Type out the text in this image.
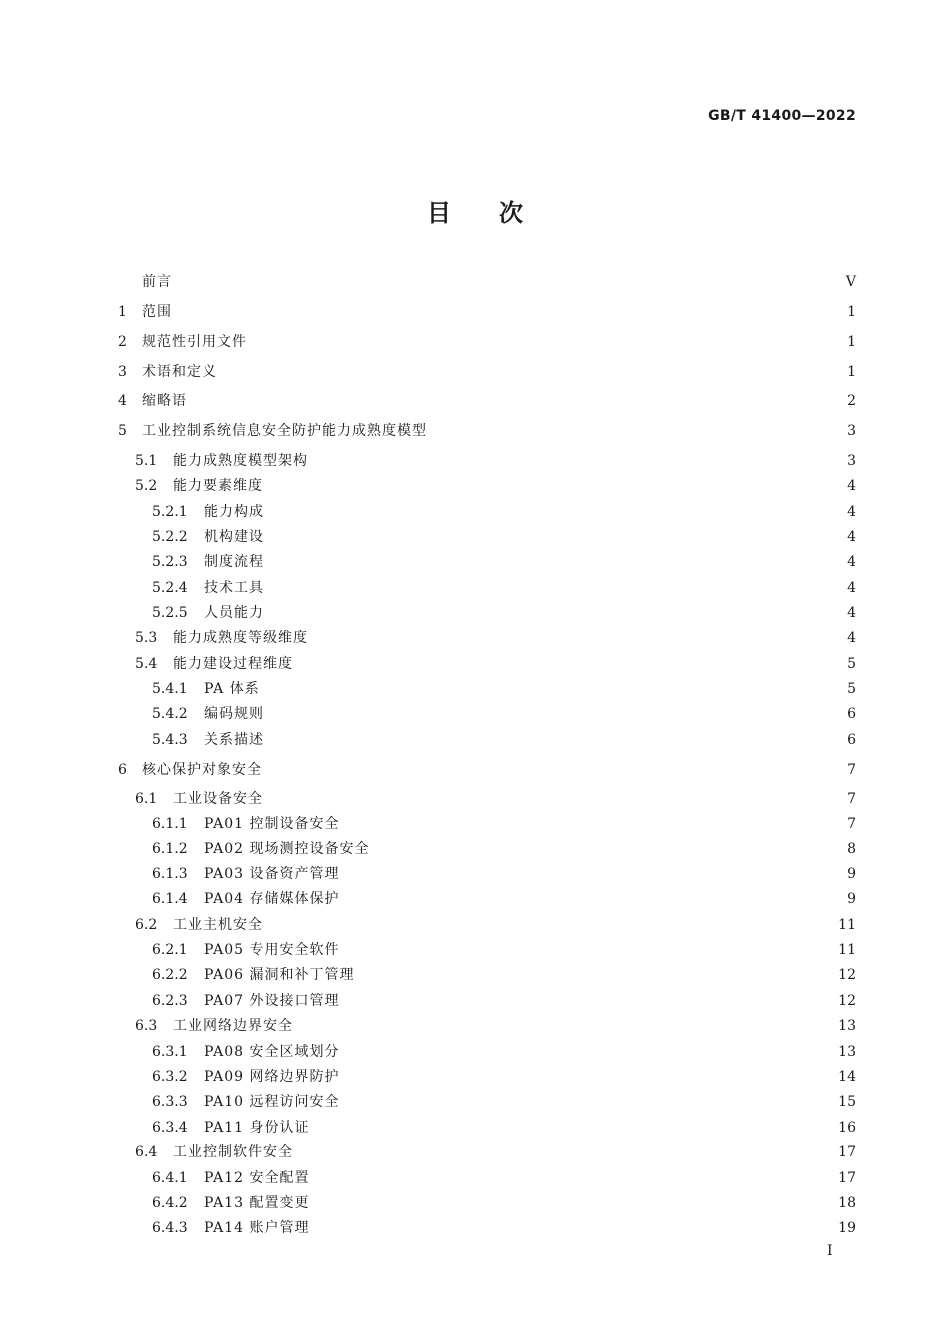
GB/T 41400—2022
目　　次
前言	V
1	范围	1
2	规范性引用文件	1
3	术语和定义	1
4	缩略语	2
5	工业控制系统信息安全防护能力成熟度模型	3
5.1	能力成熟度模型架构	3
5.2	能力要素维度	4
5.2.1	能力构成	4
5.2.2	机构建设	4
5.2.3	制度流程	4
5.2.4	技术工具	4
5.2.5	人员能力	4
5.3	能力成熟度等级维度	4
5.4	能力建设过程维度	5
5.4.1	PA 体系	5
5.4.2	编码规则	6
5.4.3	关系描述	6
6	核心保护对象安全	7
6.1	工业设备安全	7
6.1.1	PA01 控制设备安全	7
6.1.2	PA02 现场测控设备安全	8
6.1.3	PA03 设备资产管理	9
6.1.4	PA04 存储媒体保护	9
6.2	工业主机安全	11
6.2.1	PA05 专用安全软件	11
6.2.2	PA06 漏洞和补丁管理	12
6.2.3	PA07 外设接口管理	12
6.3	工业网络边界安全	13
6.3.1	PA08 安全区域划分	13
6.3.2	PA09 网络边界防护	14
6.3.3	PA10 远程访问安全	15
6.3.4	PA11 身份认证	16
6.4	工业控制软件安全	17
6.4.1	PA12 安全配置	17
6.4.2	PA13 配置变更	18
6.4.3	PA14 账户管理	19
I
